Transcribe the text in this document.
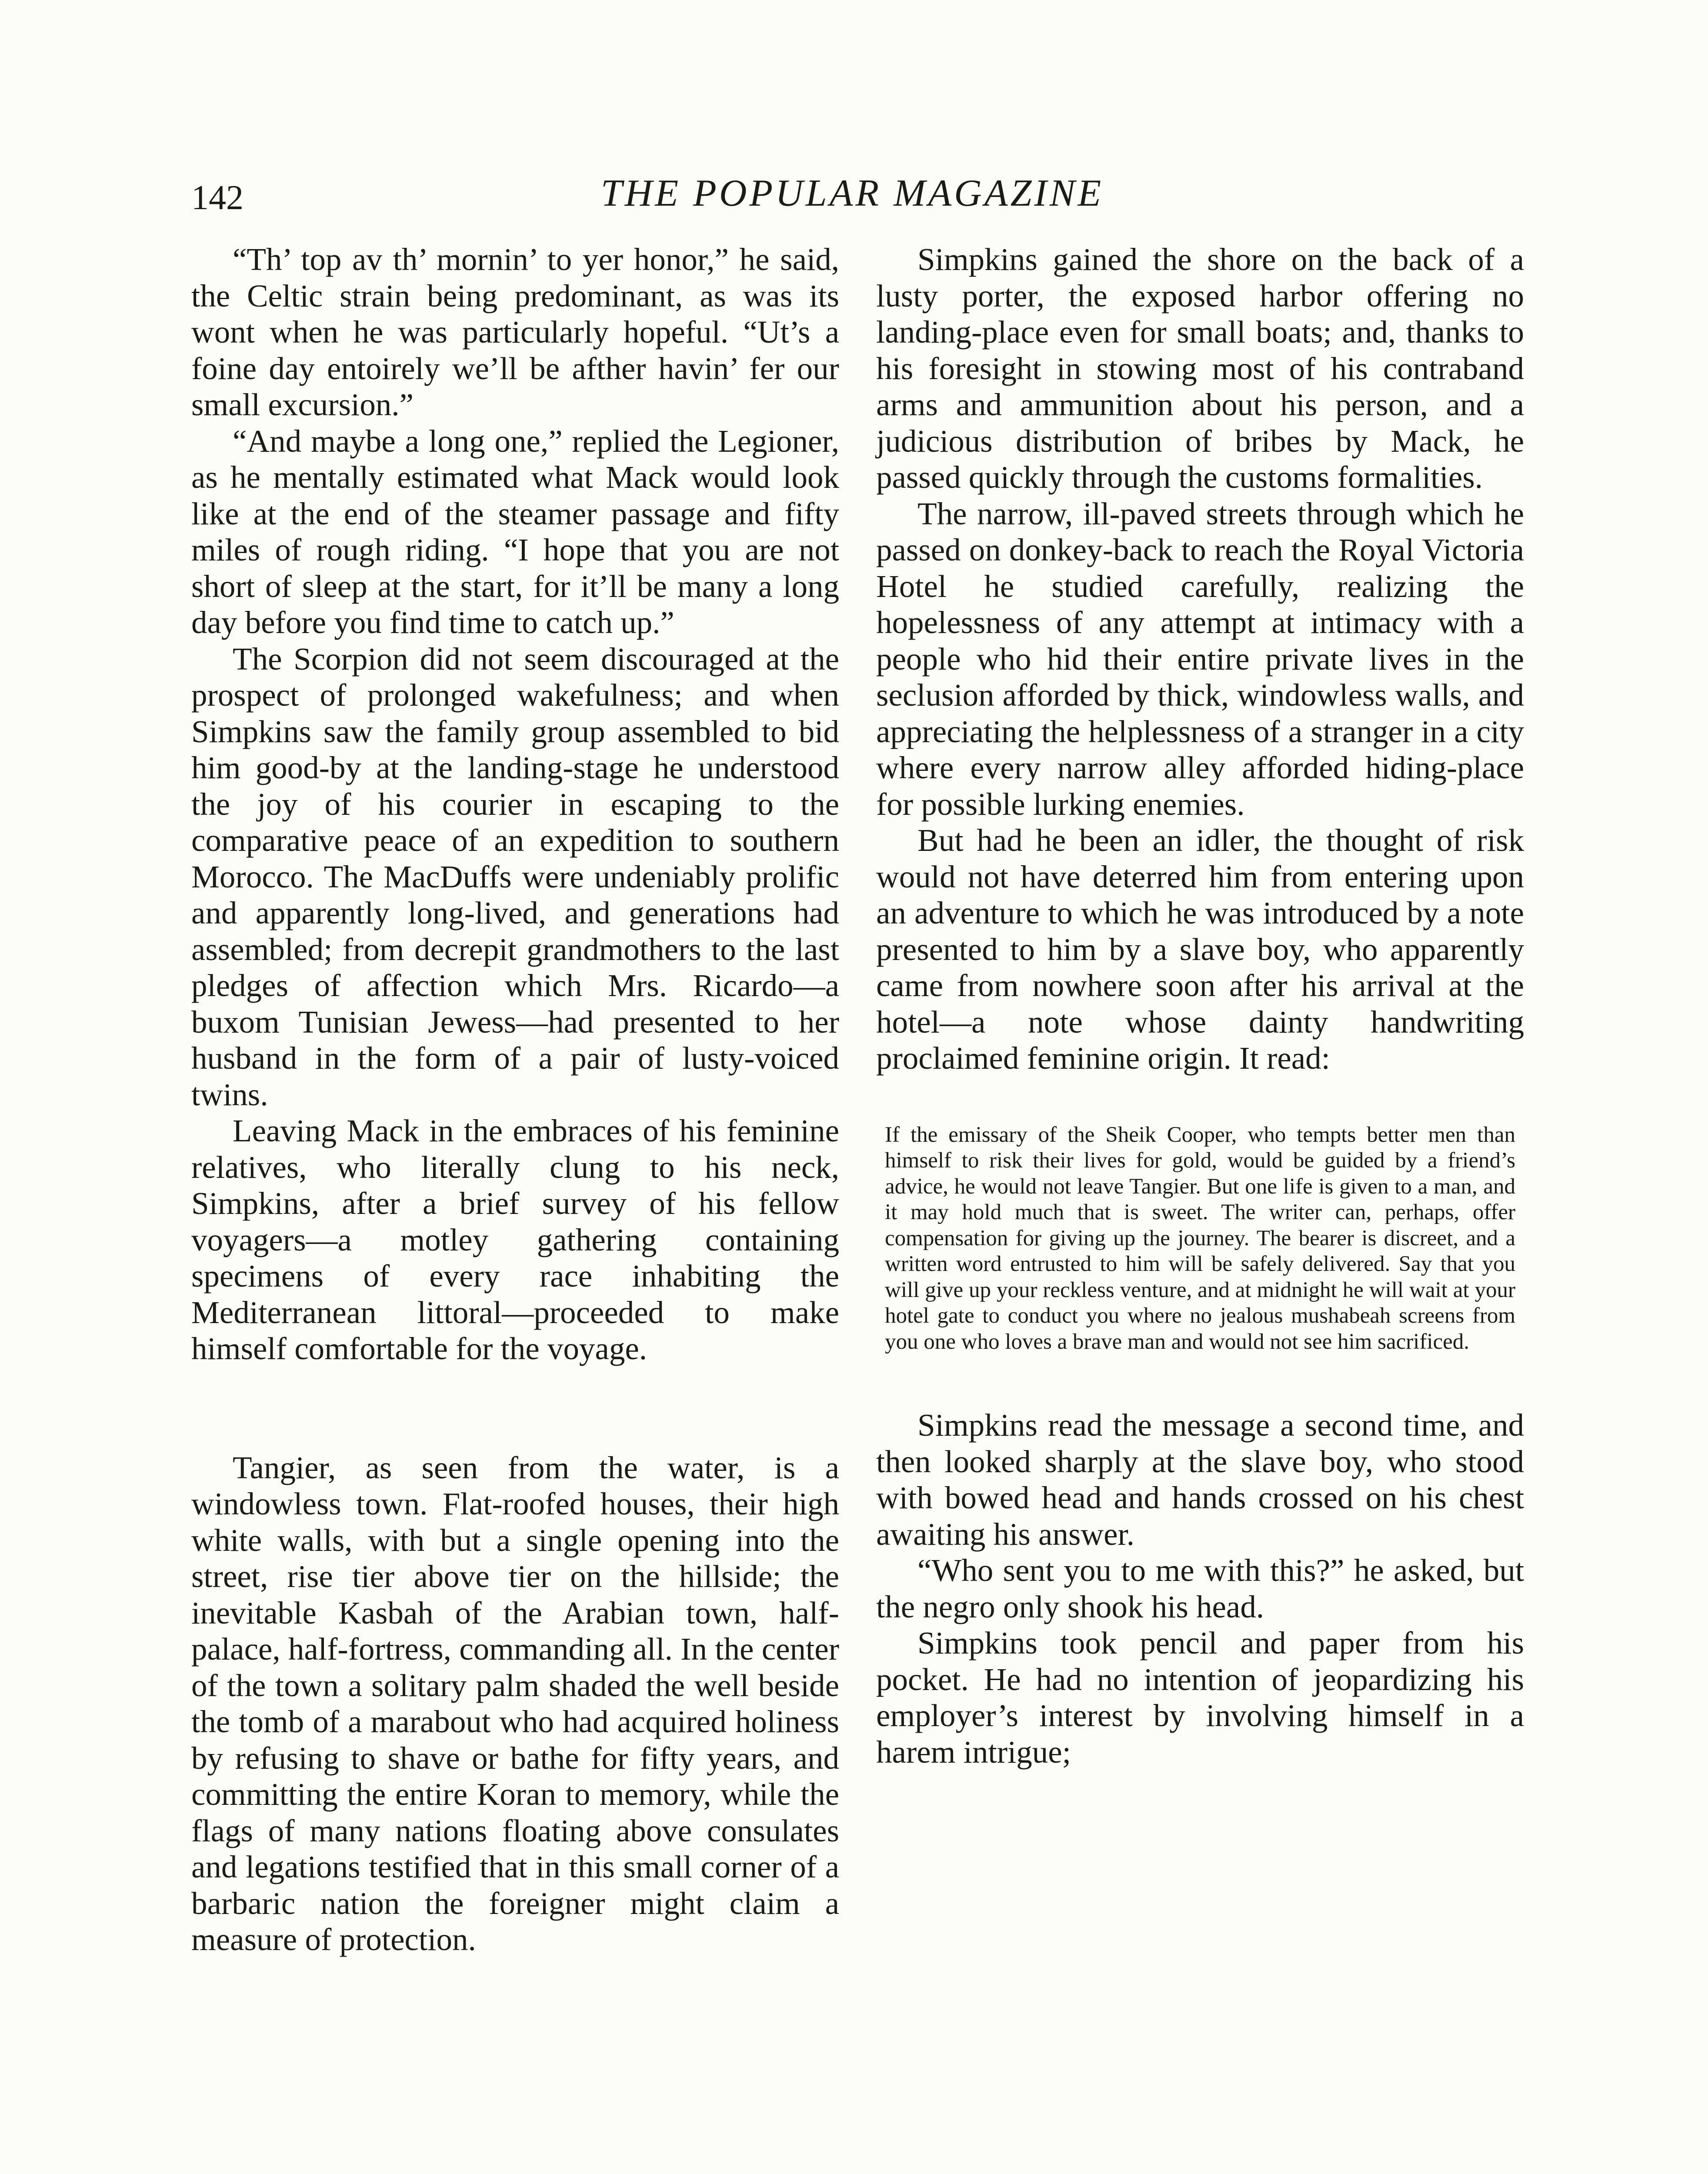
142	THE POPULAR MAGAZINE

“Th’ top av th’ mornin’ to yer honor,” he said, the Celtic strain being predominant, as was its wont when he was particularly hopeful. “Ut’s a foine day entoirely we’ll be afther havin’ fer our small excursion.”

“And maybe a long one,” replied the Legioner, as he mentally estimated what Mack would look like at the end of the steamer passage and fifty miles of rough riding. “I hope that you are not short of sleep at the start, for it’ll be many a long day before you find time to catch up.”

The Scorpion did not seem discouraged at the prospect of prolonged wakefulness; and when Simpkins saw the family group assembled to bid him good-by at the landing-stage he understood the joy of his courier in escaping to the comparative peace of an expedition to southern Morocco. The MacDuffs were undeniably prolific and apparently long-lived, and generations had assembled; from decrepit grandmothers to the last pledges of affection which Mrs. Ricardo—a buxom Tunisian Jewess—had presented to her husband in the form of a pair of lusty-voiced twins.

Leaving Mack in the embraces of his feminine relatives, who literally clung to his neck, Simpkins, after a brief survey of his fellow voyagers—a motley gathering containing specimens of every race inhabiting the Mediterranean littoral—proceeded to make himself comfortable for the voyage.

Tangier, as seen from the water, is a windowless town. Flat-roofed houses, their high white walls, with but a single opening into the street, rise tier above tier on the hillside; the inevitable Kasbah of the Arabian town, half-palace, half-fortress, commanding all. In the center of the town a solitary palm shaded the well beside the tomb of a marabout who had acquired holiness by refusing to shave or bathe for fifty years, and committing the entire Koran to memory, while the flags of many nations floating above consulates and legations testified that in this small corner of a barbaric nation the foreigner might claim a measure of protection.

Simpkins gained the shore on the back of a lusty porter, the exposed harbor offering no landing-place even for small boats; and, thanks to his foresight in stowing most of his contraband arms and ammunition about his person, and a judicious distribution of bribes by Mack, he passed quickly through the customs formalities.

The narrow, ill-paved streets through which he passed on donkey-back to reach the Royal Victoria Hotel he studied carefully, realizing the hopelessness of any attempt at intimacy with a people who hid their entire private lives in the seclusion afforded by thick, windowless walls, and appreciating the helplessness of a stranger in a city where every narrow alley afforded hiding-place for possible lurking enemies.

But had he been an idler, the thought of risk would not have deterred him from entering upon an adventure to which he was introduced by a note presented to him by a slave boy, who apparently came from nowhere soon after his arrival at the hotel—a note whose dainty handwriting proclaimed feminine origin. It read:

If the emissary of the Sheik Cooper, who tempts better men than himself to risk their lives for gold, would be guided by a friend’s advice, he would not leave Tangier. But one life is given to a man, and it may hold much that is sweet. The writer can, perhaps, offer compensation for giving up the journey. The bearer is discreet, and a written word entrusted to him will be safely delivered. Say that you will give up your reckless venture, and at midnight he will wait at your hotel gate to conduct you where no jealous mushabeah screens from you one who loves a brave man and would not see him sacrificed.

Simpkins read the message a second time, and then looked sharply at the slave boy, who stood with bowed head and hands crossed on his chest awaiting his answer.

“Who sent you to me with this?” he asked, but the negro only shook his head.

Simpkins took pencil and paper from his pocket. He had no intention of jeopardizing his employer’s interest by involving himself in a harem intrigue;
